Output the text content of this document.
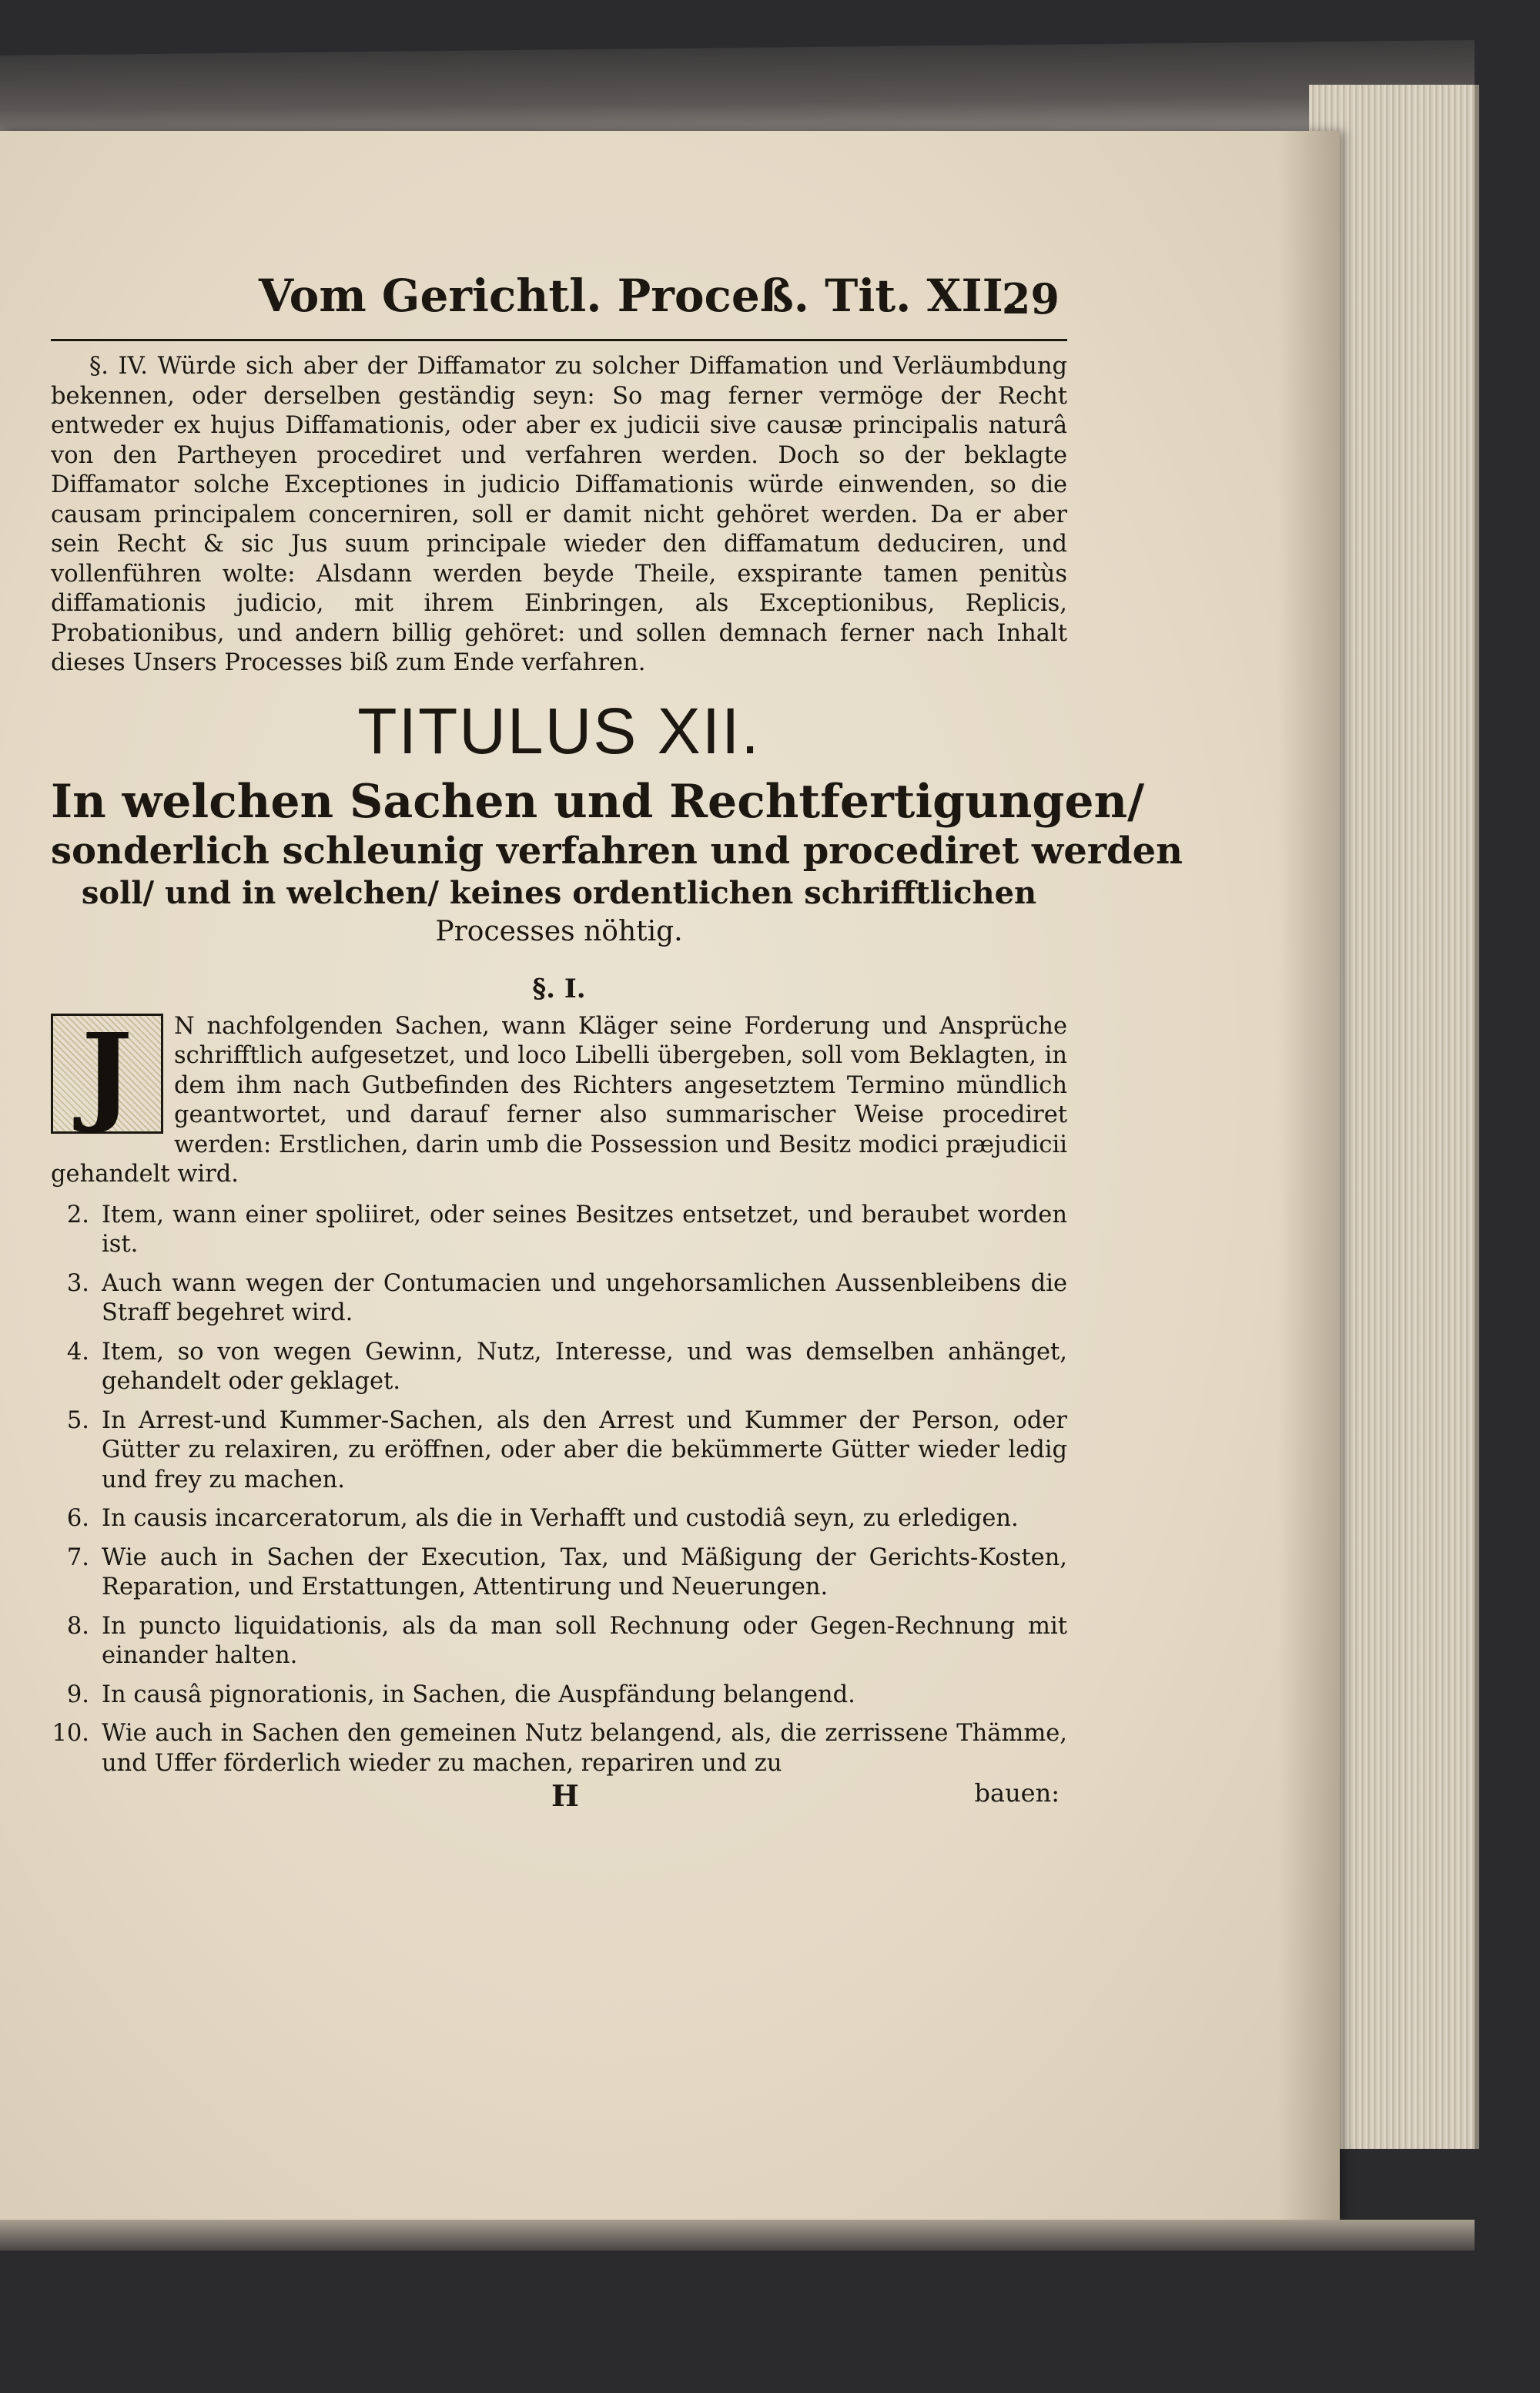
Vom Gerichtl. Proceß. Tit. XII.
29

§. IV. Würde sich aber der Diffamator zu solcher Diffamation und Verläumbdung bekennen, oder derselben geständig seyn: So mag ferner vermöge der Recht entweder ex hujus Diffamationis, oder aber ex judicii sive causæ principalis naturâ von den Partheyen procediret und verfahren werden. Doch so der beklagte Diffamator solche Exceptiones in judicio Diffamationis würde einwenden, so die causam principalem concerniren, soll er damit nicht gehöret werden. Da er aber sein Recht & sic Jus suum principale wieder den diffamatum deduciren, und vollenführen wolte: Alsdann werden beyde Theile, exspirante tamen penitùs diffamationis judicio, mit ihrem Einbringen, als Exceptionibus, Replicis, Probationibus, und andern billig gehöret: und sollen demnach ferner nach Inhalt dieses Unsers Processes biß zum Ende verfahren.

TITULUS XII.
In welchen Sachen und Rechtfertigungen/
sonderlich schleunig verfahren und procediret werden
soll/ und in welchen/ keines ordentlichen schrifftlichen
Processes nöhtig.
§. I.
J	N nachfolgenden Sachen, wann Kläger seine Forderung und Ansprüche schrifftlich aufgesetzet, und loco Libelli übergeben, soll vom Beklagten, in dem ihm nach Gutbefinden des Richters angesetztem Termino mündlich geantwortet, und darauf ferner also summarischer Weise procediret werden: Erstlichen, darin umb die Possession und Besitz modici præjudicii gehandelt wird.

2. Item, wann einer spoliiret, oder seines Besitzes entsetzet, und beraubet worden ist.
3. Auch wann wegen der Contumacien und ungehorsamlichen Aussenbleibens die Straff begehret wird.
4. Item, so von wegen Gewinn, Nutz, Interesse, und was demselben anhänget, gehandelt oder geklaget.
5. In Arrest-und Kummer-Sachen, als den Arrest und Kummer der Person, oder Gütter zu relaxiren, zu eröffnen, oder aber die bekümmerte Gütter wieder ledig und frey zu machen.
6. In causis incarceratorum, als die in Verhafft und custodiâ seyn, zu erledigen.
7. Wie auch in Sachen der Execution, Tax, und Mäßigung der Gerichts-Kosten, Reparation, und Erstattungen, Attentirung und Neuerungen.
8. In puncto liquidationis, als da man soll Rechnung oder Gegen-Rechnung mit einander halten.
9. In causâ pignorationis, in Sachen, die Auspfändung belangend.
10. Wie auch in Sachen den gemeinen Nutz belangend, als, die zerrissene Thämme, und Uffer förderlich wieder zu machen, repariren und zu
H	bauen:
